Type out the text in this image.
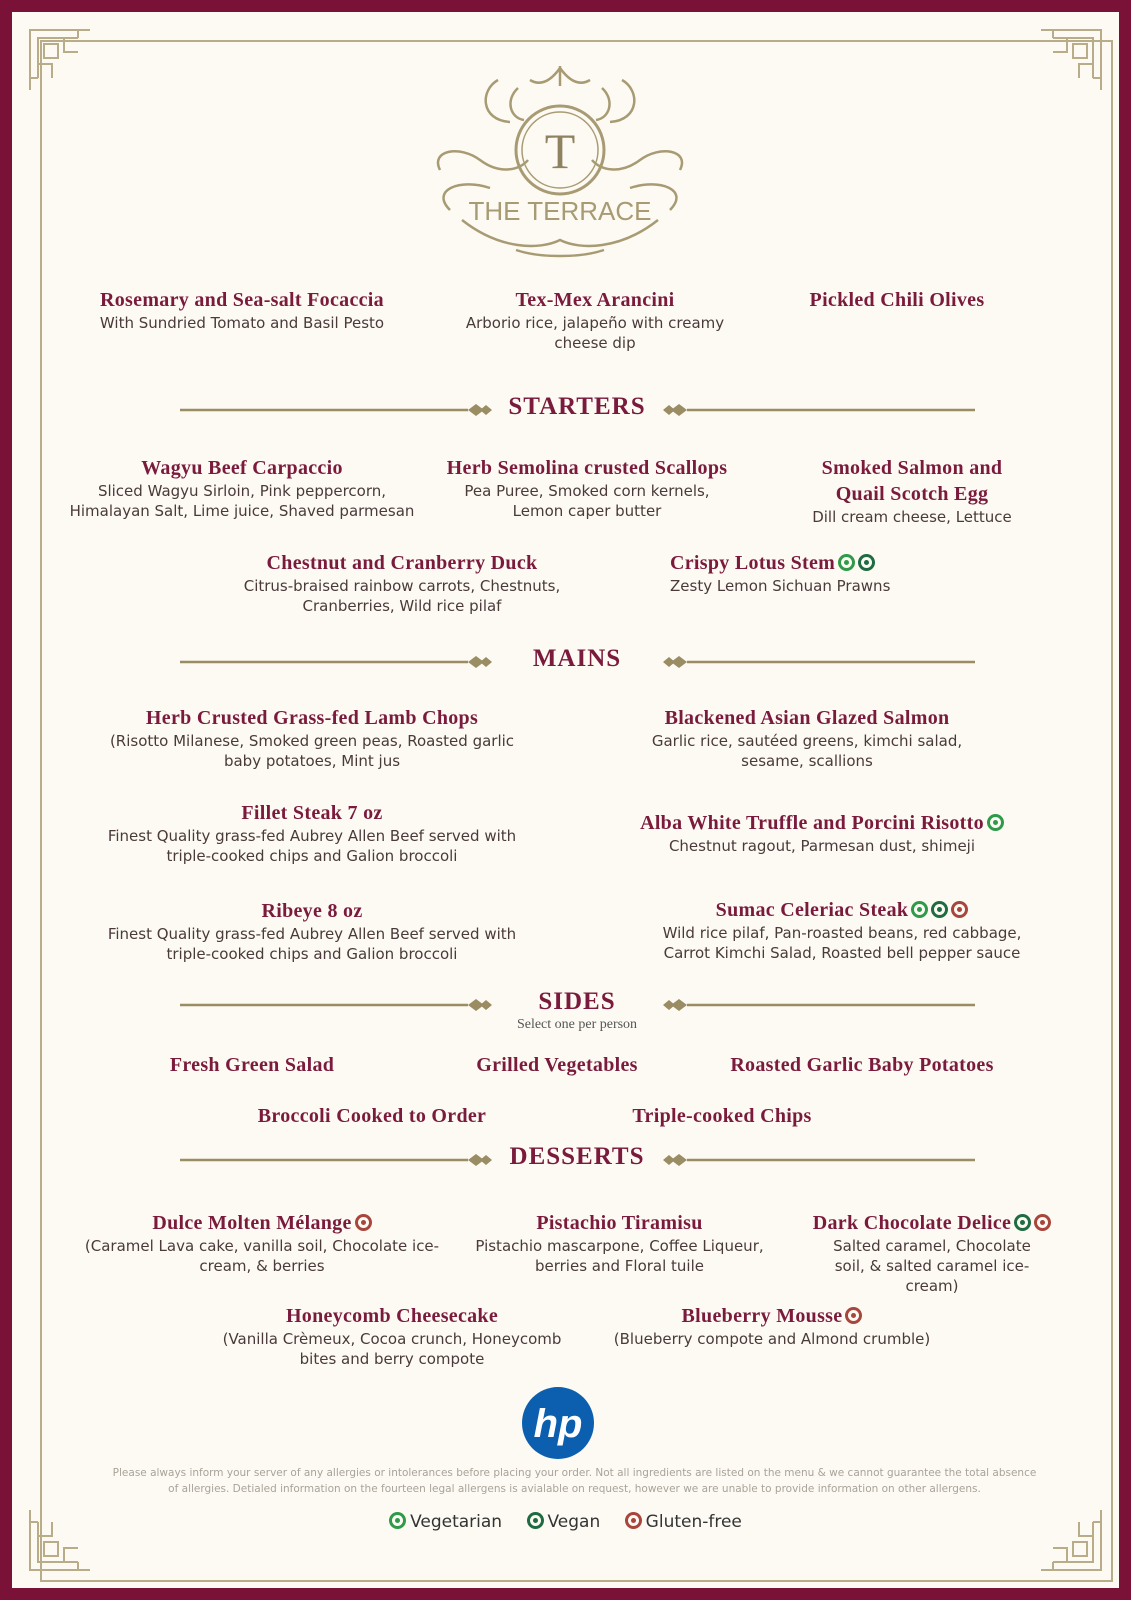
T
THE TERRACE
Rosemary and Sea-salt Focaccia
With Sundried Tomato and Basil Pesto
Tex-Mex Arancini
Arborio rice, jalapeño with creamy cheese dip
Pickled Chili Olives
STARTERS
Wagyu Beef Carpaccio
Sliced Wagyu Sirloin, Pink peppercorn, Himalayan Salt, Lime juice, Shaved parmesan
Herb Semolina crusted Scallops
Pea Puree, Smoked corn kernels, Lemon caper butter
Smoked Salmon and Quail Scotch Egg
Dill cream cheese, Lettuce
Chestnut and Cranberry Duck
Citrus-braised rainbow carrots, Chestnuts, Cranberries, Wild rice pilaf
Crispy Lotus Stem
Zesty Lemon Sichuan Prawns
MAINS
Herb Crusted Grass-fed Lamb Chops
(Risotto Milanese, Smoked green peas, Roasted garlic baby potatoes, Mint jus
Blackened Asian Glazed Salmon
Garlic rice, sautéed greens, kimchi salad, sesame, scallions
Fillet Steak 7 oz
Finest Quality grass-fed Aubrey Allen Beef served with triple-cooked chips and Galion broccoli
Alba White Truffle and Porcini Risotto
Chestnut ragout, Parmesan dust, shimeji
Ribeye 8 oz
Finest Quality grass-fed Aubrey Allen Beef served with triple-cooked chips and Galion broccoli
Sumac Celeriac Steak
Wild rice pilaf, Pan-roasted beans, red cabbage, Carrot Kimchi Salad, Roasted bell pepper sauce
SIDES
Select one per person
Fresh Green Salad	Grilled Vegetables	Roasted Garlic Baby Potatoes
Broccoli Cooked to Order	Triple-cooked Chips
DESSERTS
Dulce Molten Mélange
(Caramel Lava cake, vanilla soil, Chocolate ice-cream, & berries
Pistachio Tiramisu
Pistachio mascarpone, Coffee Liqueur, berries and Floral tuile
Dark Chocolate Delice
Salted caramel, Chocolate soil, & salted caramel ice-cream)
Honeycomb Cheesecake
(Vanilla Crèmeux, Cocoa crunch, Honeycomb bites and berry compote
Blueberry Mousse
(Blueberry compote and Almond crumble)
hp
Please always inform your server of any allergies or intolerances before placing your order. Not all ingredients are listed on the menu & we cannot guarantee the total absence of allergies. Detialed information on the fourteen legal allergens is avialable on request, however we are unable to provide information on other allergens.
Vegetarian	Vegan	Gluten-free
